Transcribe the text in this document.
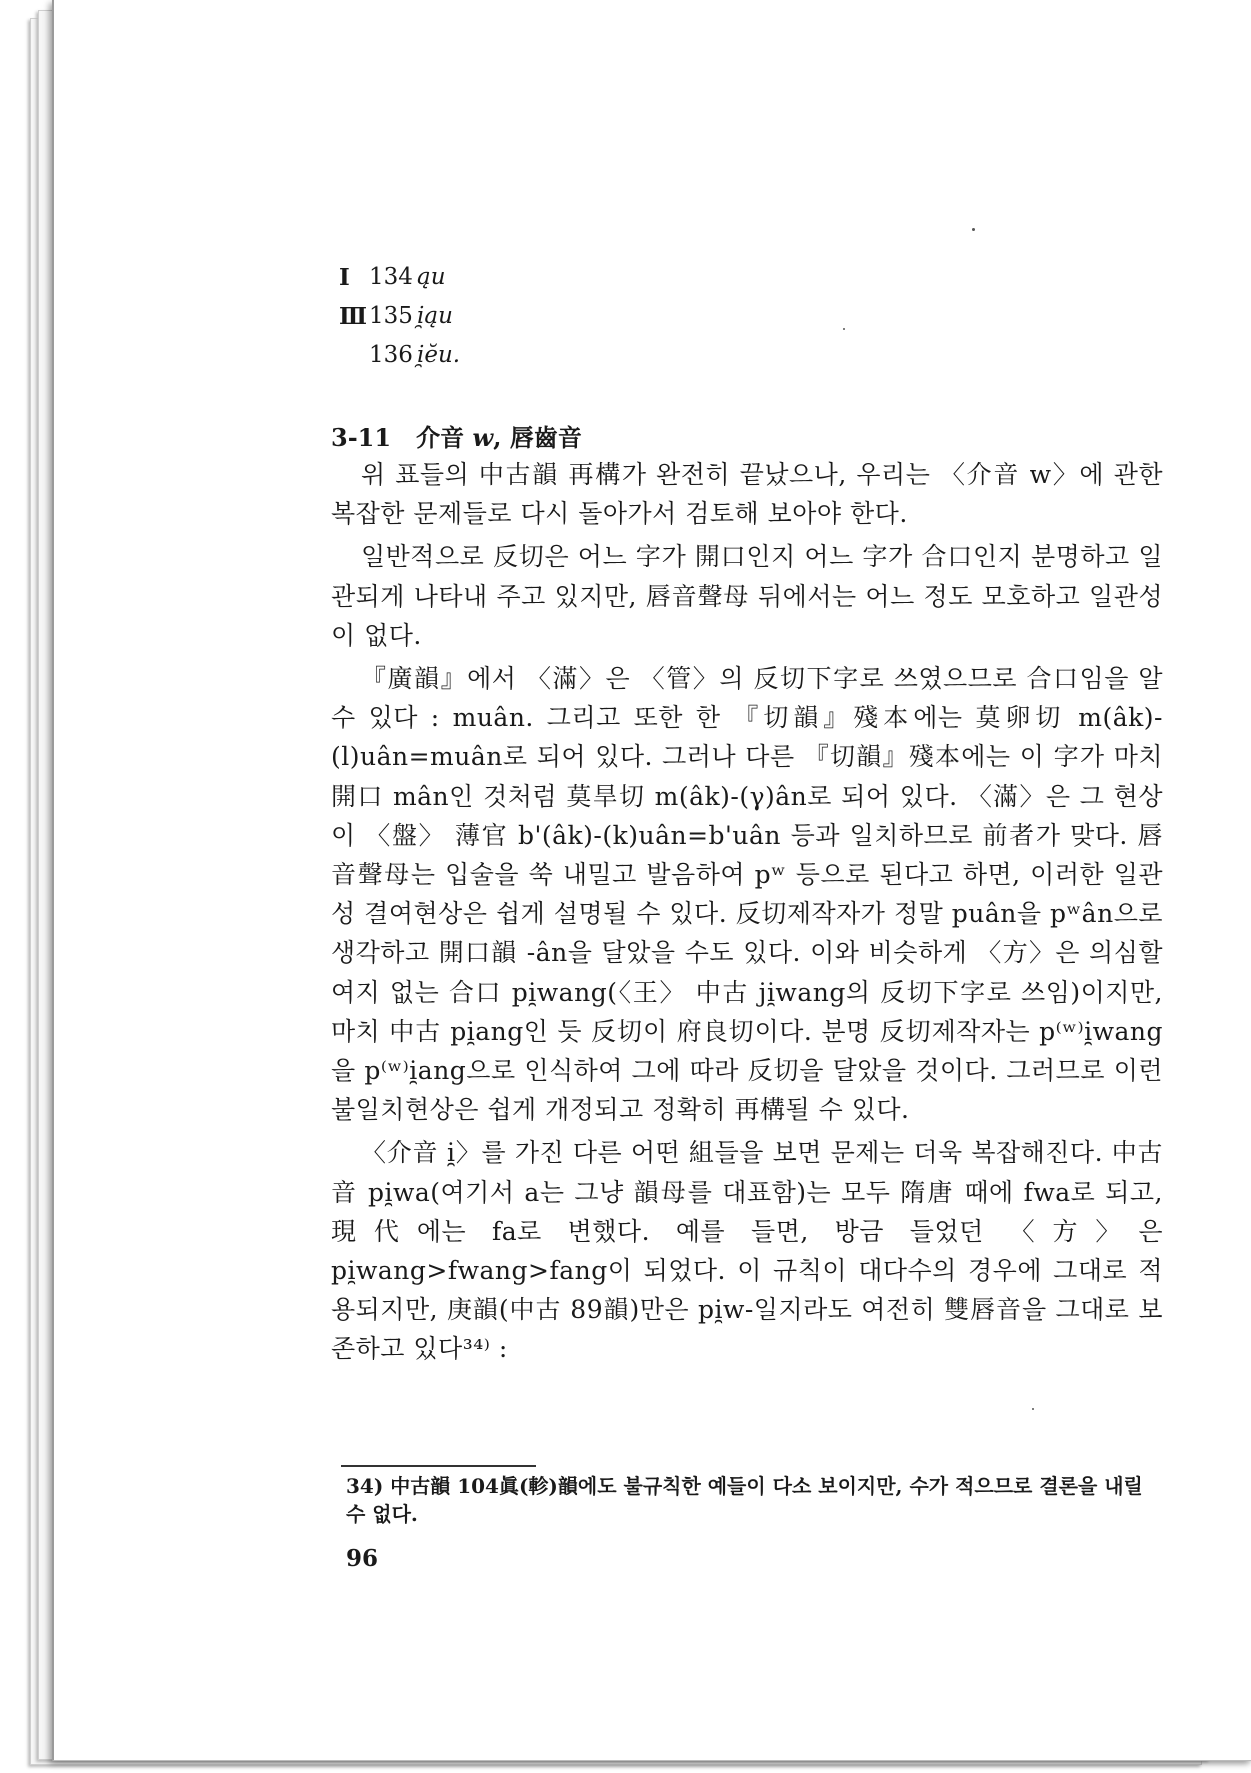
Ⅰ 134 ąu
Ⅲ 135 i̯ąu
136 i̯ĕu.
3-11 介音 w, 唇齒音

위 표들의 中古韻 再構가 완전히 끝났으나, 우리는 〈介音 w〉에 관한 복잡한 문제들로 다시 돌아가서 검토해 보아야 한다.

일반적으로 反切은 어느 字가 開口인지 어느 字가 合口인지 분명하고 일관되게 나타내 주고 있지만, 唇音聲母 뒤에서는 어느 정도 모호하고 일관성이 없다.

『廣韻』에서 〈滿〉은 〈管〉의 反切下字로 쓰였으므로 合口임을 알 수 있다 : muân. 그리고 또한 한 『切韻』殘本에는 莫卵切 m(âk)-(l)uân=muân로 되어 있다. 그러나 다른 『切韻』殘本에는 이 字가 마치 開口 mân인 것처럼 莫旱切 m(âk)-(γ)ân로 되어 있다. 〈滿〉은 그 현상이 〈盤〉 薄官 b'(âk)-(k)uân=b'uân 등과 일치하므로 前者가 맞다. 唇音聲母는 입술을 쑥 내밀고 발음하여 pʷ 등으로 된다고 하면, 이러한 일관성 결여현상은 쉽게 설명될 수 있다. 反切제작자가 정말 puân을 pʷân으로 생각하고 開口韻 -ân을 달았을 수도 있다. 이와 비슷하게 〈方〉은 의심할 여지 없는 合口 pi̯wang(〈王〉 中古 ji̯wang의 反切下字로 쓰임)이지만, 마치 中古 pi̯ang인 듯 反切이 府良切이다. 분명 反切제작자는 p⁽ʷ⁾i̯wang을 p⁽ʷ⁾i̯ang으로 인식하여 그에 따라 反切을 달았을 것이다. 그러므로 이런 불일치현상은 쉽게 개정되고 정확히 再構될 수 있다.

〈介音 i̯〉를 가진 다른 어떤 組들을 보면 문제는 더욱 복잡해진다. 中古音 pi̯wa(여기서 a는 그냥 韻母를 대표함)는 모두 隋唐 때에 fwa로 되고, 現代에는 fa로 변했다. 예를 들면, 방금 들었던 〈方〉은 pi̯wang>fwang>fang이 되었다. 이 규칙이 대다수의 경우에 그대로 적용되지만, 庚韻(中古 89韻)만은 pi̯w-일지라도 여전히 雙唇音을 그대로 보존하고 있다³⁴⁾ :

34) 中古韻 104眞(軫)韻에도 불규칙한 예들이 다소 보이지만, 수가 적으므로 결론을 내릴 수 없다.
96
